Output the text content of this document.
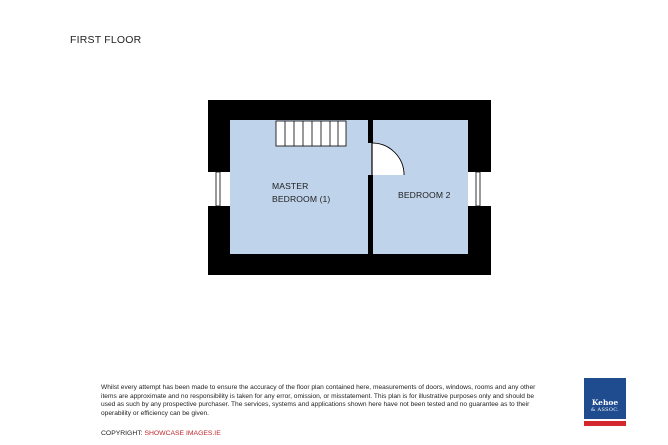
FIRST FLOOR
MASTER
BEDROOM (1)	BEDROOM 2
Whilst every attempt has been made to ensure the accuracy of the floor plan contained here, measurements of doors, windows, rooms and any other items are approximate and no responsibility is taken for any error, omission, or misstatement. This plan is for illustrative purposes only and should be used as such by any prospective purchaser. The services, systems and applications shown here have not been tested and no guarantee as to their operability or efficiency can be given.
COPYRIGHT: SHOWCASE IMAGES.IE
Kehoe
& ASSOC.
